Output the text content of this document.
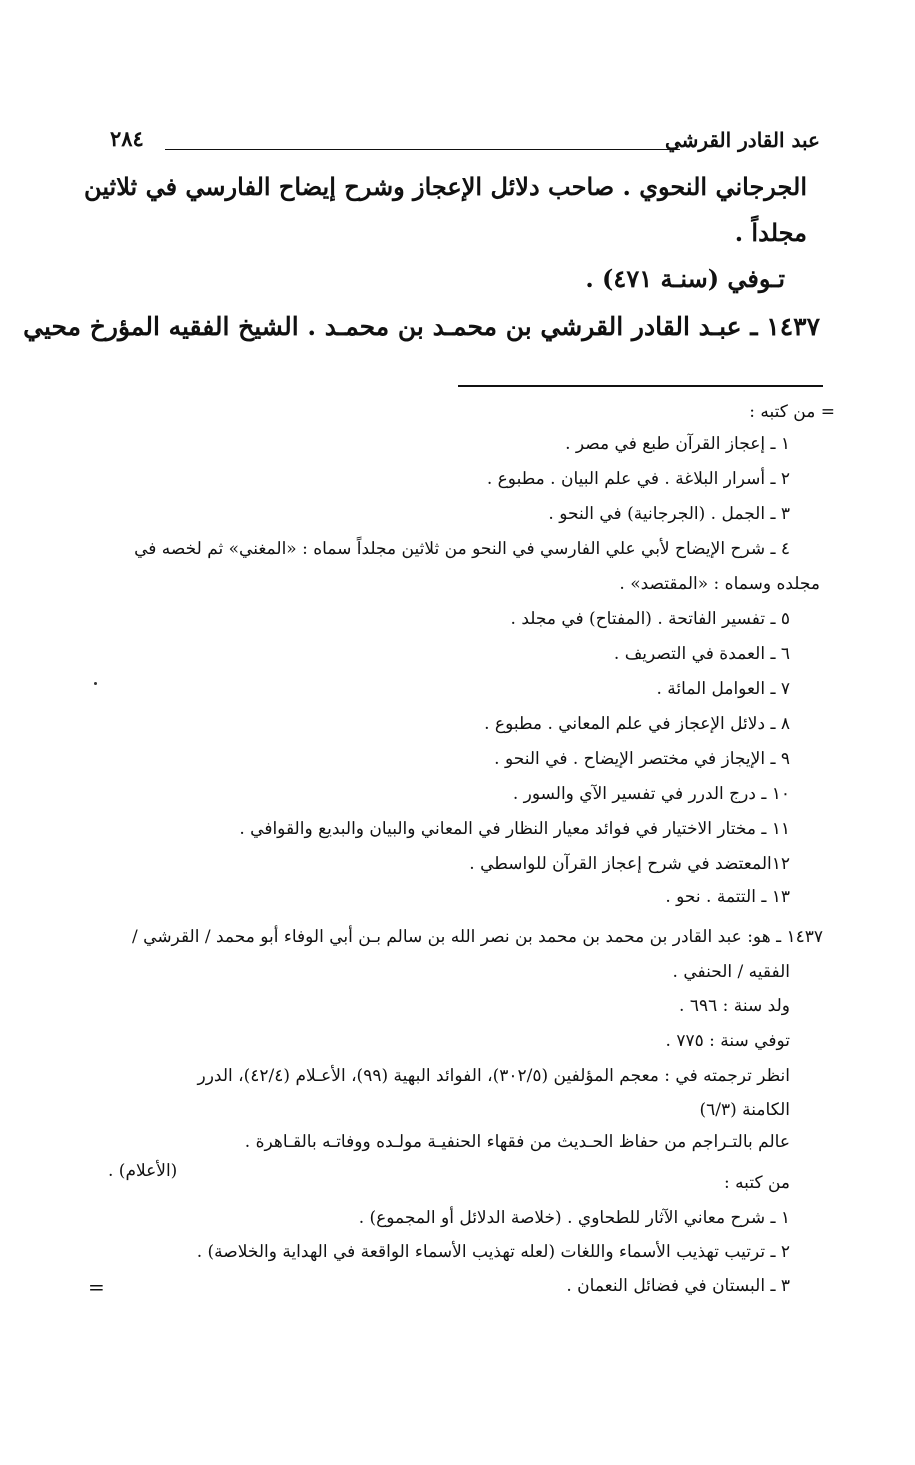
عبد القادر القرشي
٢٨٤
الجرجاني النحوي . صاحب دلائل الإعجاز وشرح إيضاح الفارسي في ثلاثين
مجلداً .
تـوفي (سنـة ٤٧١) .
١٤٣٧ ـ عبـد القادر القرشي بن محمـد بن محمـد . الشيخ الفقيه المؤرخ محيي
= من كتبه :
١ ـ إعجاز القرآن طبع في مصر .
٢ ـ أسرار البلاغة . في علم البيان . مطبوع .
٣ ـ الجمل . (الجرجانية) في النحو .
٤ ـ شرح الإيضاح لأبي علي الفارسي في النحو من ثلاثين مجلداً سماه : «المغني» ثم لخصه في
مجلده وسماه : «المقتصد» .
٥ ـ تفسير الفاتحة . (المفتاح) في مجلد .
٦ ـ العمدة في التصريف .
٧ ـ العوامل المائة .
٨ ـ دلائل الإعجاز في علم المعاني . مطبوع .
٩ ـ الإيجاز في مختصر الإيضاح . في النحو .
١٠ ـ درج الدرر في تفسير الآي والسور .
١١ ـ مختار الاختيار في فوائد معيار النظار في المعاني والبيان والبديع والقوافي .
١٢المعتضد في شرح إعجاز القرآن للواسطي .
١٣ ـ التتمة . نحو .
١٤٣٧ ـ هو: عبد القادر بن محمد بن محمد بن نصر الله بن سالم بـن أبي الوفاء أبو محمد / القرشي /
الفقيه / الحنفي .
ولد سنة : ٦٩٦ .
توفي سنة : ٧٧٥ .
انظر ترجمته في : معجم المؤلفين (٣٠٢/٥)، الفوائد البهية (٩٩)، الأعـلام (٤٢/٤)، الدرر
الكامنة (٦/٣)
عالم بالتـراجم من حفاظ الحـديث من فقهاء الحنفيـة مولـده ووفاتـه بالقـاهرة .
(الأعلام) .
من كتبه :
١ ـ شرح معاني الآثار للطحاوي . (خلاصة الدلائل أو المجموع) .
٢ ـ ترتيب تهذيب الأسماء واللغات (لعله تهذيب الأسماء الواقعة في الهداية والخلاصة) .
٣ ـ البستان في فضائل النعمان .
=
